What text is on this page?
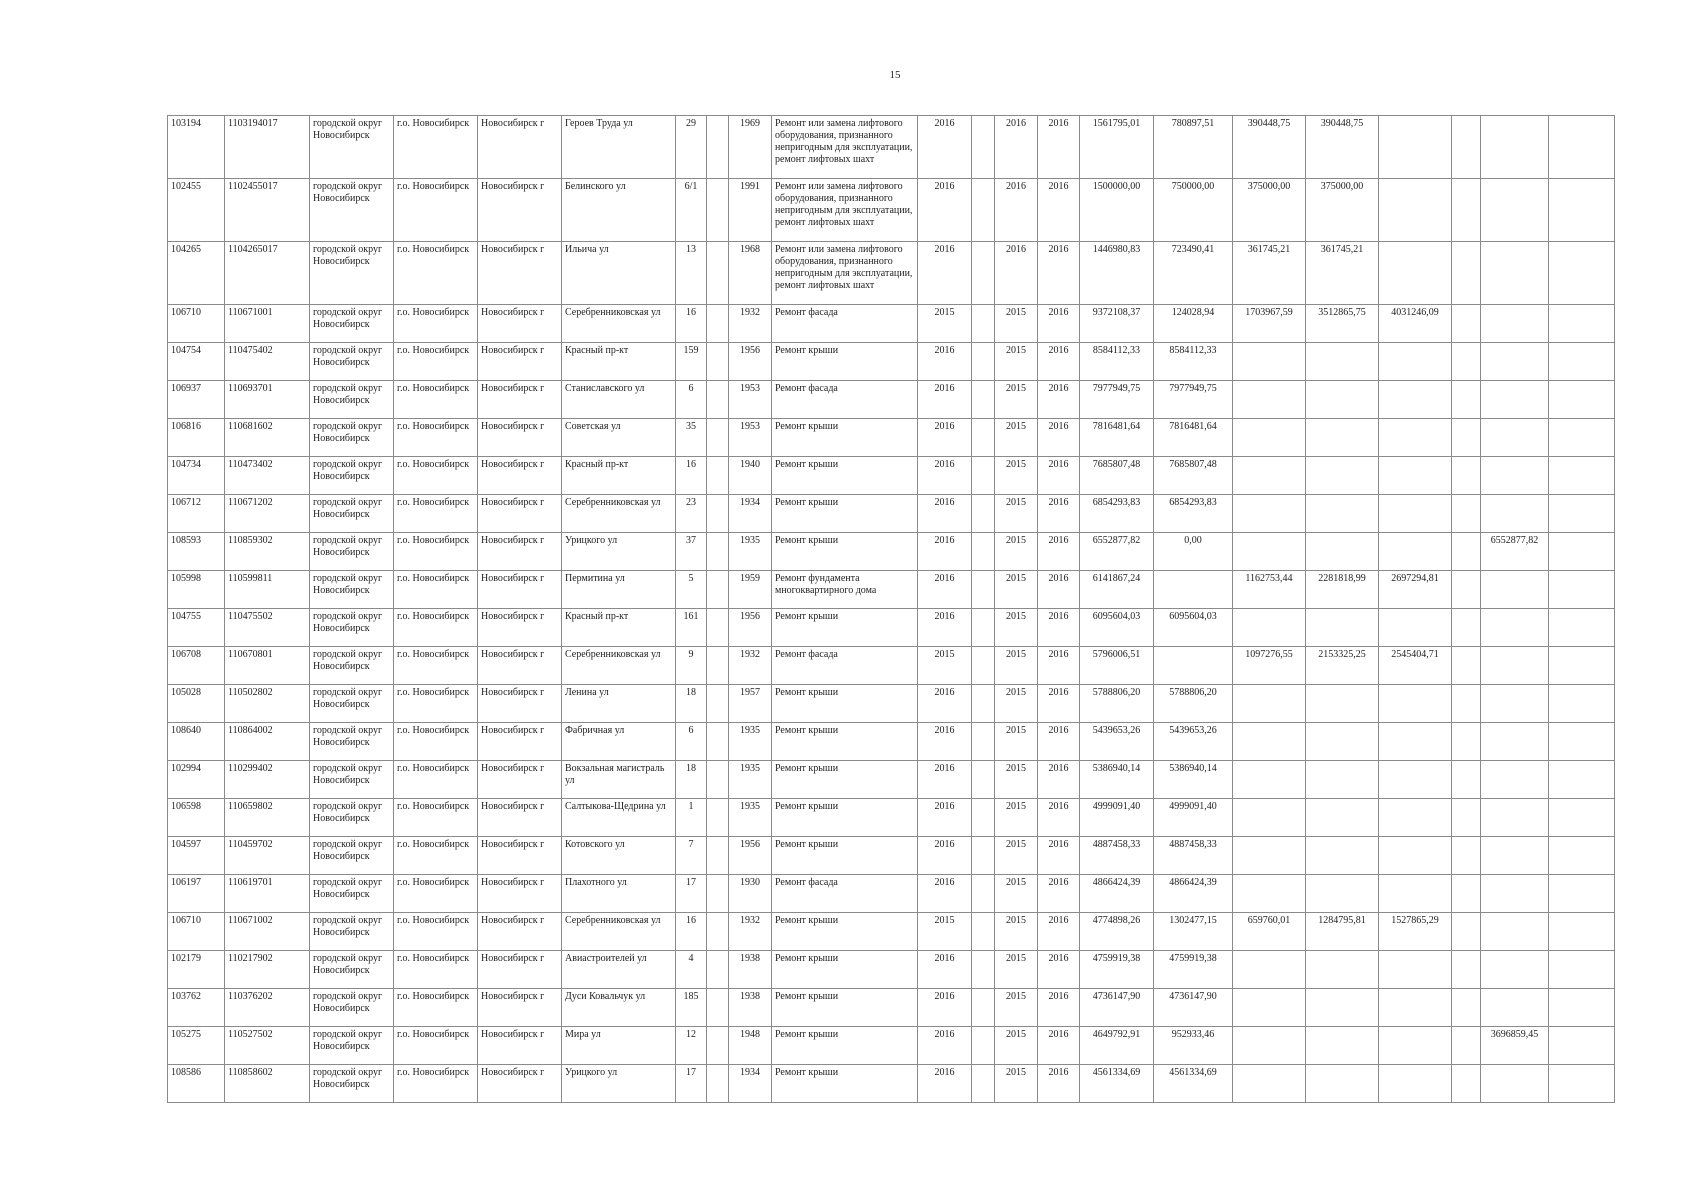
15
103194	1103194017	городской округ Новосибирск	г.о. Новосибирск	Новосибирск г	Героев Труда ул	29		1969	Ремонт или замена лифтового оборудования, признанного непригодным для эксплуатации, ремонт лифтовых шахт	2016		2016	2016	1561795,01	780897,51	390448,75	390448,75				
102455	1102455017	городской округ Новосибирск	г.о. Новосибирск	Новосибирск г	Белинского ул	6/1		1991	Ремонт или замена лифтового оборудования, признанного непригодным для эксплуатации, ремонт лифтовых шахт	2016		2016	2016	1500000,00	750000,00	375000,00	375000,00				
104265	1104265017	городской округ Новосибирск	г.о. Новосибирск	Новосибирск г	Ильича ул	13		1968	Ремонт или замена лифтового оборудования, признанного непригодным для эксплуатации, ремонт лифтовых шахт	2016		2016	2016	1446980,83	723490,41	361745,21	361745,21				
106710	110671001	городской округ Новосибирск	г.о. Новосибирск	Новосибирск г	Серебренниковская ул	16		1932	Ремонт фасада	2015		2015	2016	9372108,37	124028,94	1703967,59	3512865,75	4031246,09			
104754	110475402	городской округ Новосибирск	г.о. Новосибирск	Новосибирск г	Красный пр-кт	159		1956	Ремонт крыши	2016		2015	2016	8584112,33	8584112,33						
106937	110693701	городской округ Новосибирск	г.о. Новосибирск	Новосибирск г	Станиславского ул	6		1953	Ремонт фасада	2016		2015	2016	7977949,75	7977949,75						
106816	110681602	городской округ Новосибирск	г.о. Новосибирск	Новосибирск г	Советская ул	35		1953	Ремонт крыши	2016		2015	2016	7816481,64	7816481,64						
104734	110473402	городской округ Новосибирск	г.о. Новосибирск	Новосибирск г	Красный пр-кт	16		1940	Ремонт крыши	2016		2015	2016	7685807,48	7685807,48						
106712	110671202	городской округ Новосибирск	г.о. Новосибирск	Новосибирск г	Серебренниковская ул	23		1934	Ремонт крыши	2016		2015	2016	6854293,83	6854293,83						
108593	110859302	городской округ Новосибирск	г.о. Новосибирск	Новосибирск г	Урицкого ул	37		1935	Ремонт крыши	2016		2015	2016	6552877,82	0,00					6552877,82	
105998	110599811	городской округ Новосибирск	г.о. Новосибирск	Новосибирск г	Пермитина ул	5		1959	Ремонт фундамента многоквартирного дома	2016		2015	2016	6141867,24		1162753,44	2281818,99	2697294,81			
104755	110475502	городской округ Новосибирск	г.о. Новосибирск	Новосибирск г	Красный пр-кт	161		1956	Ремонт крыши	2016		2015	2016	6095604,03	6095604,03						
106708	110670801	городской округ Новосибирск	г.о. Новосибирск	Новосибирск г	Серебренниковская ул	9		1932	Ремонт фасада	2015		2015	2016	5796006,51		1097276,55	2153325,25	2545404,71			
105028	110502802	городской округ Новосибирск	г.о. Новосибирск	Новосибирск г	Ленина ул	18		1957	Ремонт крыши	2016		2015	2016	5788806,20	5788806,20						
108640	110864002	городской округ Новосибирск	г.о. Новосибирск	Новосибирск г	Фабричная ул	6		1935	Ремонт крыши	2016		2015	2016	5439653,26	5439653,26						
102994	110299402	городской округ Новосибирск	г.о. Новосибирск	Новосибирск г	Вокзальная магистраль ул	18		1935	Ремонт крыши	2016		2015	2016	5386940,14	5386940,14						
106598	110659802	городской округ Новосибирск	г.о. Новосибирск	Новосибирск г	Салтыкова-Щедрина ул	1		1935	Ремонт крыши	2016		2015	2016	4999091,40	4999091,40						
104597	110459702	городской округ Новосибирск	г.о. Новосибирск	Новосибирск г	Котовского ул	7		1956	Ремонт крыши	2016		2015	2016	4887458,33	4887458,33						
106197	110619701	городской округ Новосибирск	г.о. Новосибирск	Новосибирск г	Плахотного ул	17		1930	Ремонт фасада	2016		2015	2016	4866424,39	4866424,39						
106710	110671002	городской округ Новосибирск	г.о. Новосибирск	Новосибирск г	Серебренниковская ул	16		1932	Ремонт крыши	2015		2015	2016	4774898,26	1302477,15	659760,01	1284795,81	1527865,29			
102179	110217902	городской округ Новосибирск	г.о. Новосибирск	Новосибирск г	Авиастроителей ул	4		1938	Ремонт крыши	2016		2015	2016	4759919,38	4759919,38						
103762	110376202	городской округ Новосибирск	г.о. Новосибирск	Новосибирск г	Дуси Ковальчук ул	185		1938	Ремонт крыши	2016		2015	2016	4736147,90	4736147,90						
105275	110527502	городской округ Новосибирск	г.о. Новосибирск	Новосибирск г	Мира ул	12		1948	Ремонт крыши	2016		2015	2016	4649792,91	952933,46					3696859,45	
108586	110858602	городской округ Новосибирск	г.о. Новосибирск	Новосибирск г	Урицкого ул	17		1934	Ремонт крыши	2016		2015	2016	4561334,69	4561334,69						
